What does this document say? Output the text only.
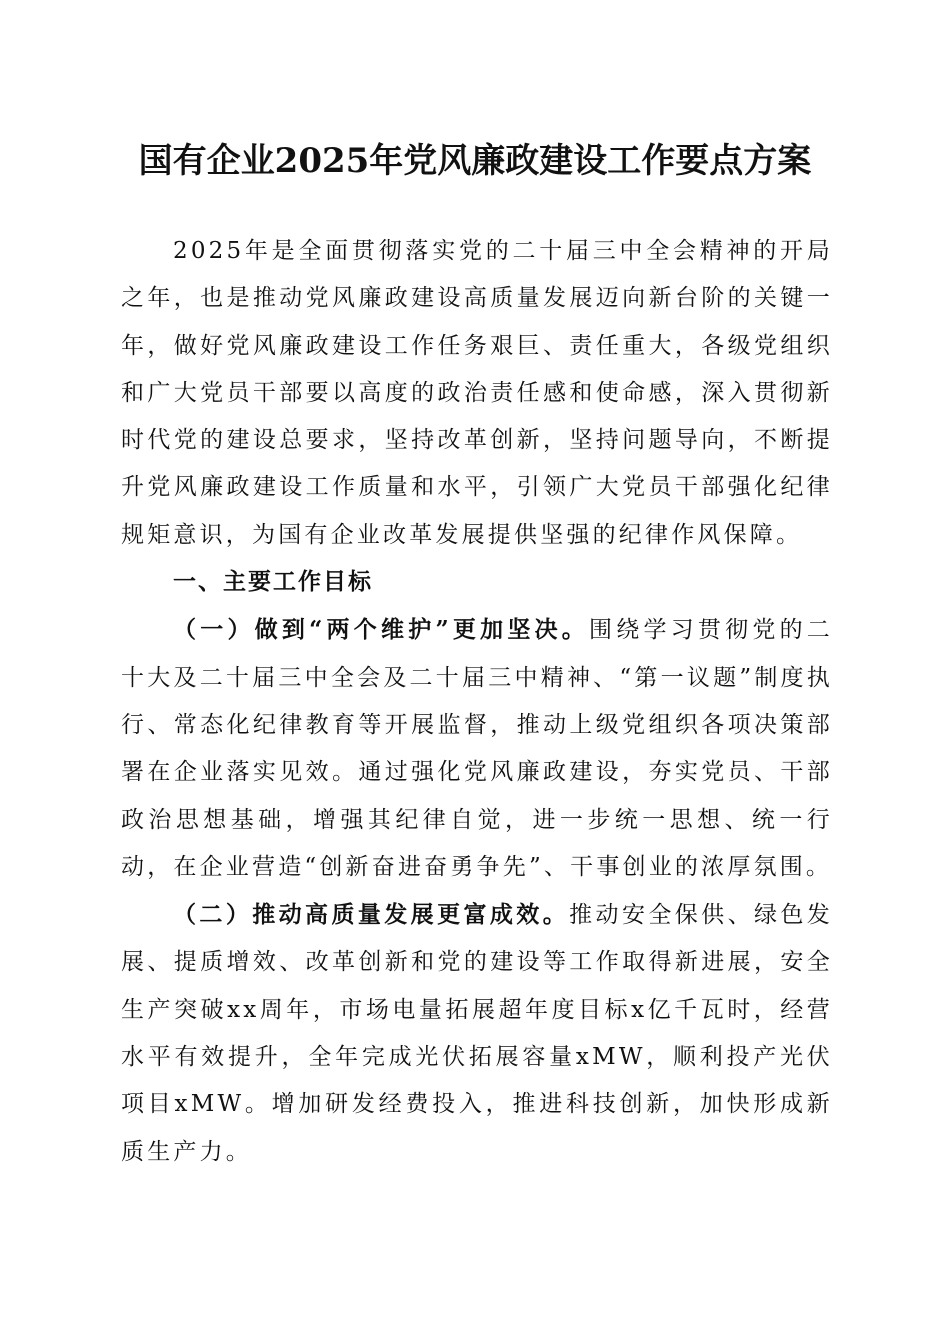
国有企业2025年党风廉政建设工作要点方案

2025年是全面贯彻落实党的二十届三中全会精神的开局之年，也是推动党风廉政建设高质量发展迈向新台阶的关键一年，做好党风廉政建设工作任务艰巨、责任重大，各级党组织和广大党员干部要以高度的政治责任感和使命感，深入贯彻新时代党的建设总要求，坚持改革创新，坚持问题导向，不断提升党风廉政建设工作质量和水平，引领广大党员干部强化纪律规矩意识，为国有企业改革发展提供坚强的纪律作风保障。

一、主要工作目标

（一）做到“两个维护”更加坚决。围绕学习贯彻党的二十大及二十届三中全会及二十届三中精神、“第一议题”制度执行、常态化纪律教育等开展监督，推动上级党组织各项决策部署在企业落实见效。通过强化党风廉政建设，夯实党员、干部政治思想基础，增强其纪律自觉，进一步统一思想、统一行动，在企业营造“创新奋进奋勇争先”、干事创业的浓厚氛围。

（二）推动高质量发展更富成效。推动安全保供、绿色发展、提质增效、改革创新和党的建设等工作取得新进展，安全生产突破xx周年，市场电量拓展超年度目标x亿千瓦时，经营水平有效提升，全年完成光伏拓展容量xMW，顺利投产光伏项目xMW。增加研发经费投入，推进科技创新，加快形成新质生产力。
